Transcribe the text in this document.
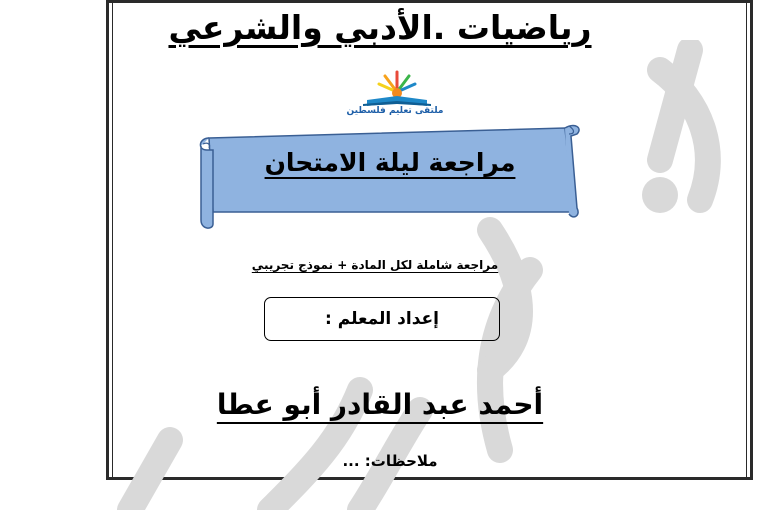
رياضيات .الأدبي والشرعي
ملتقى تعليم فلسطين
مراجعة ليلة الامتحان
مراجعة شاملة لكل المادة + نموذج تجريبي
إعداد المعلم :
أحمد عبد القادر أبو عطا
ملاحظات: ...
